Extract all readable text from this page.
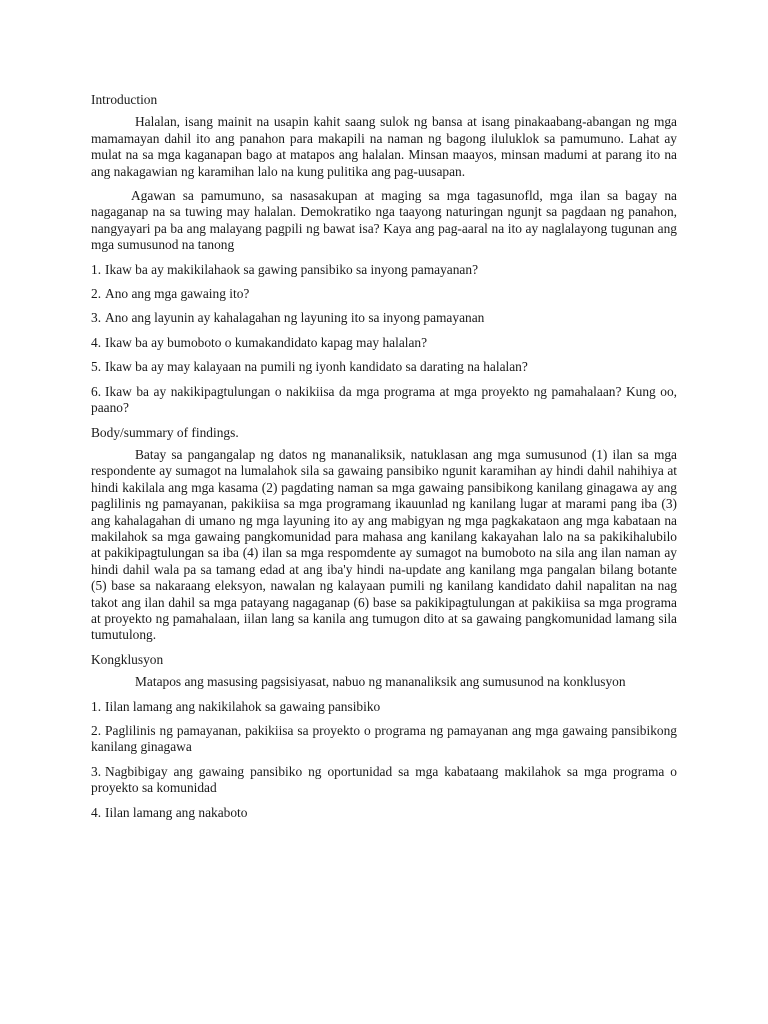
Introduction

Halalan, isang mainit na usapin kahit saang sulok ng bansa at isang pinakaabang-abangan ng mga mamamayan dahil ito ang panahon para makapili na naman ng bagong iluluklok sa pamumuno. Lahat ay mulat na sa mga kaganapan bago at matapos ang halalan. Minsan maayos, minsan madumi at parang ito na ang nakagawian ng karamihan lalo na kung pulitika ang pag-uusapan.

Agawan sa pamumuno, sa nasasakupan at maging sa mga tagasunofld, mga ilan sa bagay na nagaganap na sa tuwing may halalan. Demokratiko nga taayong naturingan ngunjt sa pagdaan ng panahon, nangyayari pa ba ang malayang pagpili ng bawat isa? Kaya ang pag-aaral na ito ay naglalayong tugunan ang mga sumusunod na tanong

1. Ikaw ba ay makikilahaok sa gawing pansibiko sa inyong pamayanan?

2. Ano ang mga gawaing ito?

3. Ano ang layunin ay kahalagahan ng layuning ito sa inyong pamayanan

4. Ikaw ba ay bumoboto o kumakandidato kapag may halalan?

5. Ikaw ba ay may kalayaan na pumili ng iyonh kandidato sa darating na halalan?

6. Ikaw ba ay nakikipagtulungan o nakikiisa da mga programa at mga proyekto ng pamahalaan? Kung oo, paano?

Body/summary of findings.

Batay sa pangangalap ng datos ng mananaliksik, natuklasan ang mga sumusunod (1) ilan sa mga respondente ay sumagot na lumalahok sila sa gawaing pansibiko ngunit karamihan ay hindi dahil nahihiya at hindi kakilala ang mga kasama (2) pagdating naman sa mga gawaing pansibikong kanilang ginagawa ay ang paglilinis ng pamayanan, pakikiisa sa mga programang ikauunlad ng kanilang lugar at marami pang iba (3) ang kahalagahan di umano ng mga layuning ito ay ang mabigyan ng mga pagkakataon ang mga kabataan na makilahok sa mga gawaing pangkomunidad para mahasa ang kanilang kakayahan lalo na sa pakikihalubilo at pakikipagtulungan sa iba (4) ilan sa mga respomdente ay sumagot na bumoboto na sila ang ilan naman ay hindi dahil wala pa sa tamang edad at ang iba'y hindi na-update ang kanilang mga pangalan bilang botante (5) base sa nakaraang eleksyon, nawalan ng kalayaan pumili ng kanilang kandidato dahil napalitan na nag takot ang ilan dahil sa mga patayang nagaganap (6) base sa pakikipagtulungan at pakikiisa sa mga programa at proyekto ng pamahalaan, iilan lang sa kanila ang tumugon dito at sa gawaing pangkomunidad lamang sila tumutulong.

Kongklusyon

Matapos ang masusing pagsisiyasat, nabuo ng mananaliksik ang sumusunod na konklusyon

1. Iilan lamang ang nakikilahok sa gawaing pansibiko

2. Paglilinis ng pamayanan, pakikiisa sa proyekto o programa ng pamayanan ang mga gawaing pansibikong kanilang ginagawa

3. Nagbibigay ang gawaing pansibiko ng oportunidad sa mga kabataang makilahok sa mga programa o proyekto sa komunidad

4. Iilan lamang ang nakaboto
